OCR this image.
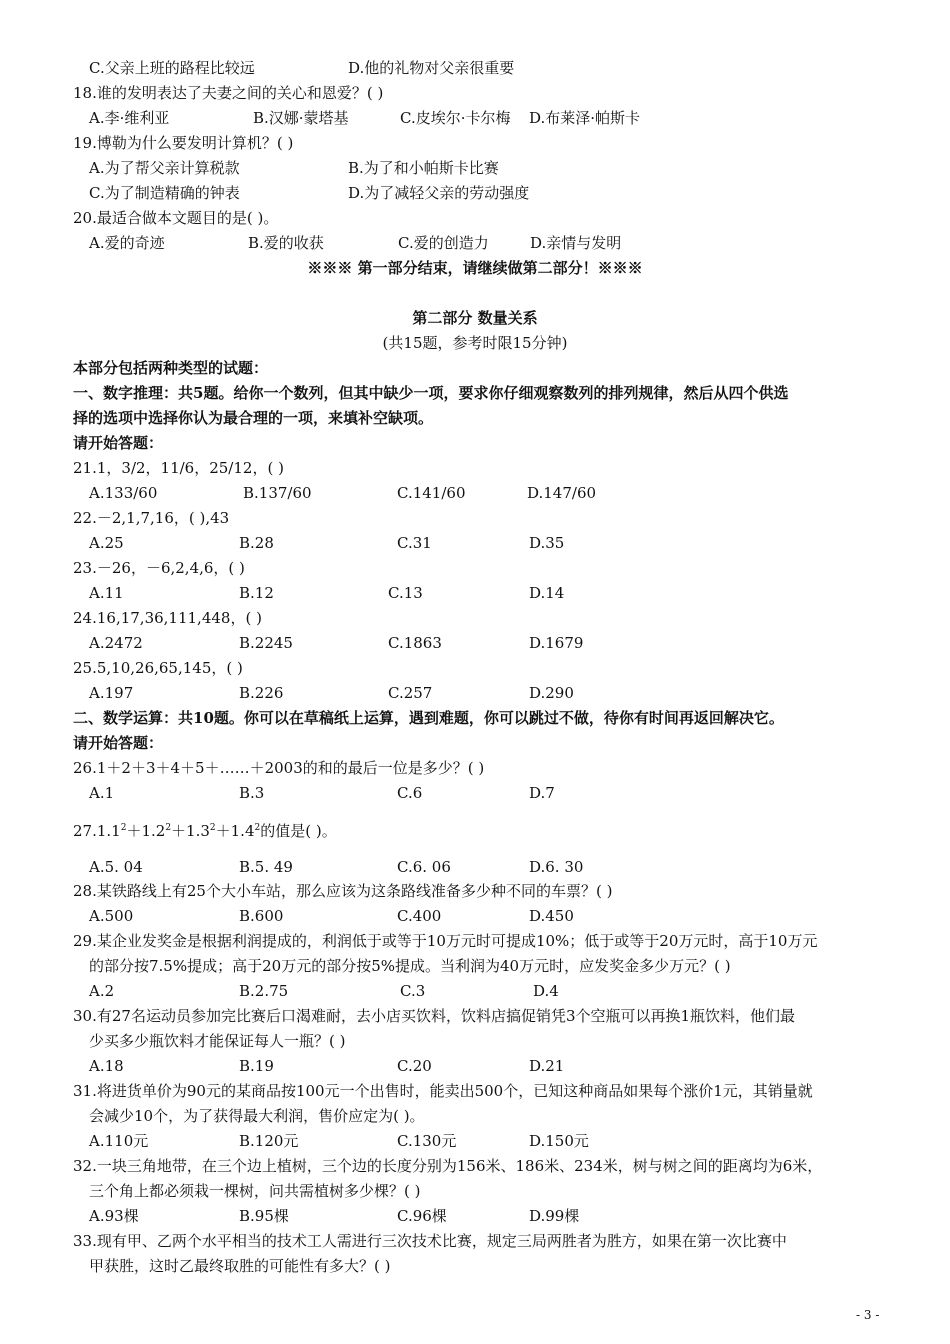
C.父亲上班的路程比较远	D.他的礼物对父亲很重要
18.谁的发明表达了夫妻之间的关心和恩爱？( )
A.李·维利亚	B.汉娜·蒙塔基	C.皮埃尔·卡尔梅 D.布莱泽·帕斯卡
19.博勒为什么要发明计算机？( )
A.为了帮父亲计算税款	B.为了和小帕斯卡比赛
C.为了制造精确的钟表	D.为了减轻父亲的劳动强度
20.最适合做本文题目的是( )。
A.爱的奇迹	B.爱的收获	C.爱的创造力	D.亲情与发明
※※※ 第一部分结束，请继续做第二部分！※※※
第二部分 数量关系
(共15题，参考时限15分钟)
本部分包括两种类型的试题：
一、数字推理：共5题。给你一个数列，但其中缺少一项，要求你仔细观察数列的排列规律，然后从四个供选
择的选项中选择你认为最合理的一项，来填补空缺项。
请开始答题：
21.1，3/2，11/6，25/12，( )
A.133/60	B.137/60	C.141/60	D.147/60
22.－2,1,7,16，( ),43
A.25	B.28	C.31	D.35
23.－26，－6,2,4,6，( )
A.11	B.12	C.13	D.14
24.16,17,36,111,448，( )
A.2472	B.2245	C.1863	D.1679
25.5,10,26,65,145，( )
A.197	B.226	C.257	D.290
二、数学运算：共10题。你可以在草稿纸上运算，遇到难题，你可以跳过不做，待你有时间再返回解决它。
请开始答题：
26.1＋2＋3＋4＋5＋……＋2003的和的最后一位是多少？( )
A.1	B.3	C.6	D.7
$27.1.1^2+1.2^2+1.3^2+1.4^2$的值是( )。
A.5. 04	B.5. 49	C.6. 06	D.6. 30
28.某铁路线上有25个大小车站，那么应该为这条路线准备多少种不同的车票？( )
A.500	B.600	C.400	D.450
29.某企业发奖金是根据利润提成的，利润低于或等于10万元时可提成10%；低于或等于20万元时，高于10万元
的部分按7.5%提成；高于20万元的部分按5%提成。当利润为40万元时，应发奖金多少万元？( )
A.2	B.2.75	C.3	D.4
30.有27名运动员参加完比赛后口渴难耐，去小店买饮料，饮料店搞促销凭3个空瓶可以再换1瓶饮料，他们最
少买多少瓶饮料才能保证每人一瓶？( )
A.18	B.19	C.20	D.21
31.将进货单价为90元的某商品按100元一个出售时，能卖出500个，已知这种商品如果每个涨价1元，其销量就
会减少10个，为了获得最大利润，售价应定为( )。
A.110元	B.120元	C.130元	D.150元
32.一块三角地带，在三个边上植树，三个边的长度分别为156米、186米、234米，树与树之间的距离均为6米，
三个角上都必须栽一棵树，问共需植树多少棵？( )
A.93棵	B.95棵	C.96棵	D.99棵
33.现有甲、乙两个水平相当的技术工人需进行三次技术比赛，规定三局两胜者为胜方，如果在第一次比赛中
甲获胜，这时乙最终取胜的可能性有多大？( )
- 3 -
